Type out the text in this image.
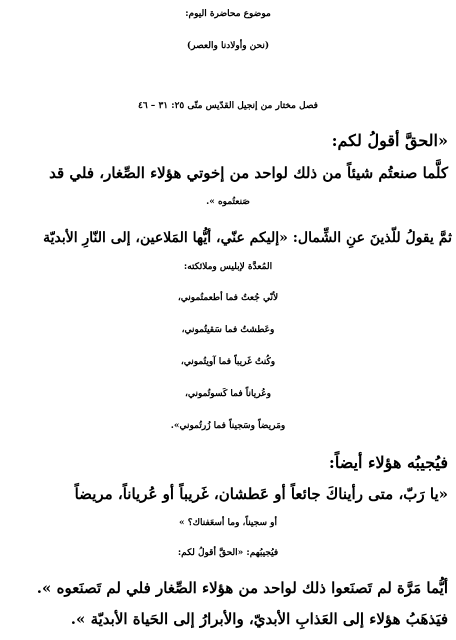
موضوع محاضرة اليوم:
(نحن وأولادنا والعصر)
فصل مختار من إنجيل القدّيس متّى ٢٥: ٣١ – ٤٦
«الحقَّ أقولُ لكم:
كلَّما صنعتُم شيئاً من ذلك لواحد من إخوتي هؤلاء الصِّغار، فلي قد
صَنعتُموه ».
ثمَّ يقولُ للّذينَ عنِ الشِّمال: «إليكم عنّي، أيُّها المَلاعين، إلى النّارِ الأبديّة
المُعدَّة لإبليس وملائكته:
لأنّي جُعتُ فما أطعمتُموني،
وعَطشتُ فما سَقيتُموني،
وكُنتُ غَريباً فما آويتُموني،
وعُرياناً فما كَسوتُموني،
ومَريضاً وسَجيناً فما زُرتُموني».
فيُجيبُه هؤلاء أيضاً:
«يا رَبّ، متى رأيناكَ جائعاً أو عَطشان، غَريباً أو عُرياناً، مريضاً
أو سجيناً، وما أسعَفناك؟ »
فيُجيبُهم: «الحقَّ أقولُ لكم:
أيُّما مَرَّة لم تَصنَعوا ذلك لواحد من هؤلاء الصِّغار فلي لم تَصنَعوه ».
فيَذهَبُ هؤلاء إلى العَذابِ الأبديّ، والأبرارُ إلى الحَياة الأبديّة ».
